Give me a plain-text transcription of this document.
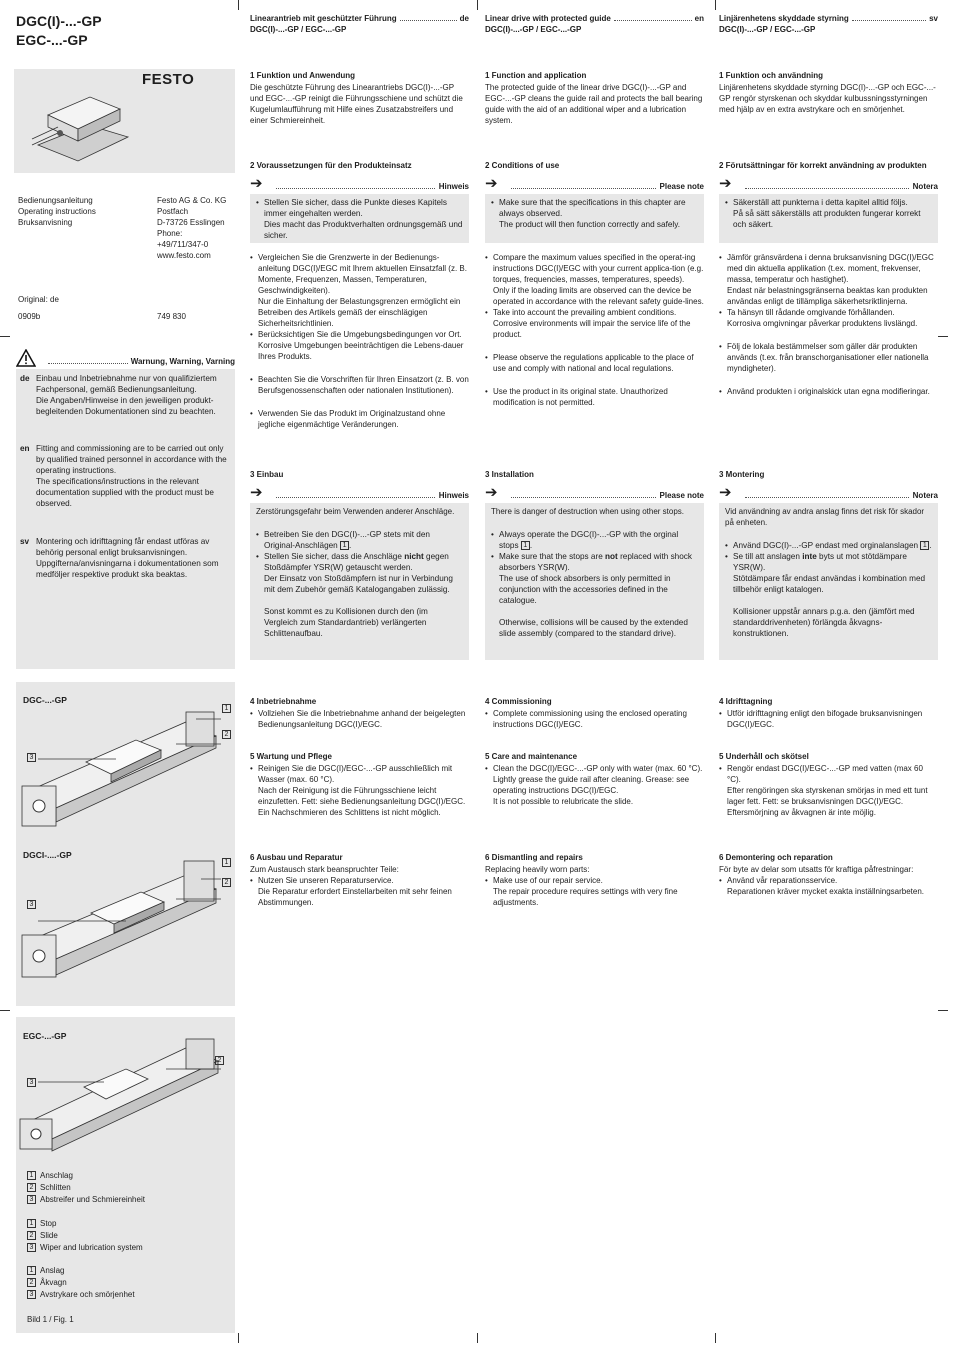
DGC(I)-...-GP
EGC-...-GP
FESTO
Bedienungsanleitung
Operating instructions
Bruksanvisning
Festo AG & Co. KG
Postfach
D-73726 Esslingen
Phone:
+49/711/347-0
www.festo.com
Original: de
0909b	749 830
Warnung, Warning, Varning
de Einbau und Inbetriebnahme nur von qualifiziertem Fachpersonal, gemäß Bedienungsanleitung.
Die Angaben/Hinweise in den jeweiligen produkt-begleitenden Dokumentationen sind zu beachten.
en Fitting and commissioning are to be carried out only by qualified trained personnel in accordance with the operating instructions.
The specifications/instructions in the relevant documentation supplied with the product must be observed.
sv Montering och idrifttagning får endast utföras av behörig personal enligt bruksanvisningen.
Uppgifterna/anvisningarna i dokumentationen som medföljer respektive produkt ska beaktas.
DGC-...-GP
1
2
3
DGCI-....-GP
1
2
3
EGC-...-GP
2
3
1 Anschlag
2 Schlitten
3 Abstreifer und Schmiereinheit
1 Stop
2 Slide
3 Wiper and lubrication system
1 Anslag
2 Åkvagn
3 Avstrykare och smörjenhet
Bild 1 / Fig. 1
Linearantrieb mit geschützter Führung	de
DGC(I)-...-GP / EGC-...-GP
1 Funktion und Anwendung
Die geschützte Führung des Linearantriebs DGC(I)-...-GP und EGC-...-GP reinigt die Führungsschiene und schützt die Kugelumlaufführung mit Hilfe eines Zusatzabstreifers und einer Schmiereinheit.
2 Voraussetzungen für den Produkteinsatz
➔	Hinweis
• Stellen Sie sicher, dass die Punkte dieses Kapitels immer eingehalten werden.
Dies macht das Produktverhalten ordnungsgemäß und sicher.
• Vergleichen Sie die Grenzwerte in der Bedienungs-anleitung DGC(I)/EGC mit Ihrem aktuellen Einsatzfall (z. B. Momente, Frequenzen, Massen, Temperaturen, Geschwindigkeiten).
Nur die Einhaltung der Belastungsgrenzen ermöglicht ein Betreiben des Artikels gemäß der einschlägigen Sicherheitsrichtlinien.
• Berücksichtigen Sie die Umgebungsbedingungen vor Ort.
Korrosive Umgebungen beeinträchtigen die Lebens-dauer Ihres Produkts.
• Beachten Sie die Vorschriften für Ihren Einsatzort (z. B. von Berufsgenossenschaften oder nationalen Institutionen).
• Verwenden Sie das Produkt im Originalzustand ohne jegliche eigenmächtige Veränderungen.
3 Einbau
➔	Hinweis
Zerstörungsgefahr beim Verwenden anderer Anschläge.
• Betreiben Sie den DGC(I)-...-GP stets mit den Original-Anschlägen 1 .
• Stellen Sie sicher, dass die Anschläge nicht gegen Stoßdämpfer YSR(W) getauscht werden.
Der Einsatz von Stoßdämpfern ist nur in Verbindung mit dem Zubehör gemäß Katalogangaben zulässig.
Sonst kommt es zu Kollisionen durch den (im Vergleich zum Standardantrieb) verlängerten Schlittenaufbau.
4 Inbetriebnahme
• Vollziehen Sie die Inbetriebnahme anhand der beigelegten Bedienungsanleitung DGC(I)/EGC.
5 Wartung und Pflege
• Reinigen Sie die DGC(I)/EGC-...-GP ausschließlich mit Wasser (max. 60 °C).
Nach der Reinigung ist die Führungsschiene leicht einzufetten. Fett: siehe Bedienungsanleitung DGC(I)/EGC.
Ein Nachschmieren des Schlittens ist nicht möglich.
6 Ausbau und Reparatur
Zum Austausch stark beanspruchter Teile:
• Nutzen Sie unseren Reparaturservice.
Die Reparatur erfordert Einstellarbeiten mit sehr feinen Abstimmungen.
Linear drive with protected guide	en
DGC(I)-...-GP / EGC-...-GP
1 Function and application
The protected guide of the linear drive DGC(I)-...-GP and EGC-...-GP cleans the guide rail and protects the ball bearing guide with the aid of an additional wiper and a lubrication system.
2 Conditions of use
➔	Please note
• Make sure that the specifications in this chapter are always observed.
The product will then function correctly and safely.
• Compare the maximum values specified in the operat-ing instructions DGC(I)/EGC with your current applica-tion (e.g. torques, frequencies, masses, temperatures, speeds).
Only if the loading limits are observed can the device be operated in accordance with the relevant safety guide-lines.
• Take into account the prevailing ambient conditions.
Corrosive environments will impair the service life of the product.
• Please observe the regulations applicable to the place of use and comply with national and local regulations.
• Use the product in its original state. Unauthorized modification is not permitted.
3 Installation
➔	Please note
There is danger of destruction when using other stops.
• Always operate the DGC(I)-...-GP with the orginal stops 1 .
• Make sure that the stops are not replaced with shock absorbers YSR(W).
The use of shock absorbers is only permitted in conjunction with the accessories defined in the catalogue.
Otherwise, collisions will be caused by the extended slide assembly (compared to the standard drive).
4 Commissioning
• Complete commissioning using the enclosed operating instructions DGC(I)/EGC.
5 Care and maintenance
• Clean the DGC(I)/EGC-...-GP only with water (max. 60 °C).
Lightly grease the guide rail after cleaning. Grease: see operating instructions DGC(I)/EGC.
It is not possible to relubricate the slide.
6 Dismantling and repairs
Replacing heavily worn parts:
• Make use of our repair service.
The repair procedure requires settings with very fine adjustments.
Linjärenhetens skyddade styrning	sv
DGC(I)-...-GP / EGC-...-GP
1 Funktion och användning
Linjärenhetens skyddade styrning DGC(I)-...-GP och EGC-...-GP rengör styrskenan och skyddar kulbussningsstyrningen med hjälp av en extra avstrykare och en smörjenhet.
2 Förutsättningar för korrekt användning av produkten
➔	Notera
• Säkerställ att punkterna i detta kapitel alltid följs.
På så sätt säkerställs att produkten fungerar korrekt och säkert.
• Jämför gränsvärdena i denna bruksanvisning DGC(I)/EGC med din aktuella applikation (t.ex. moment, frekvenser, massa, temperatur och hastighet).
Endast när belastningsgränserna beaktas kan produkten användas enligt de tillämpliga säkerhetsriktlinjerna.
• Ta hänsyn till rådande omgivande förhållanden.
Korrosiva omgivningar påverkar produktens livslängd.
• Följ de lokala bestämmelser som gäller där produkten används (t.ex. från branschorganisationer eller nationella myndigheter).
• Använd produkten i originalskick utan egna modifieringar.
3 Montering
➔	Notera
Vid användning av andra anslag finns det risk för skador på enheten.
• Använd DGC(I)-...-GP endast med orginalanslagen 1 .
• Se till att anslagen inte byts ut mot stötdämpare YSR(W).
Stötdämpare får endast användas i kombination med tillbehör enligt katalogen.
Kollisioner uppstår annars p.g.a. den (jämfört med standarddrivenheten) förlängda åkvagns-konstruktionen.
4 Idrifttagning
• Utför idrifttagning enligt den bifogade bruksanvisningen DGC(I)/EGC.
5 Underhåll och skötsel
• Rengör endast DGC(I)/EGC-...-GP med vatten (max 60 °C).
Efter rengöringen ska styrskenan smörjas in med ett tunt lager fett. Fett: se bruksanvisningen DGC(I)/EGC.
Eftersmörjning av åkvagnen är inte möjlig.
6 Demontering och reparation
För byte av delar som utsatts för kraftiga påfrestningar:
• Använd vår reparationsservice.
Reparationen kräver mycket exakta inställningsarbeten.
